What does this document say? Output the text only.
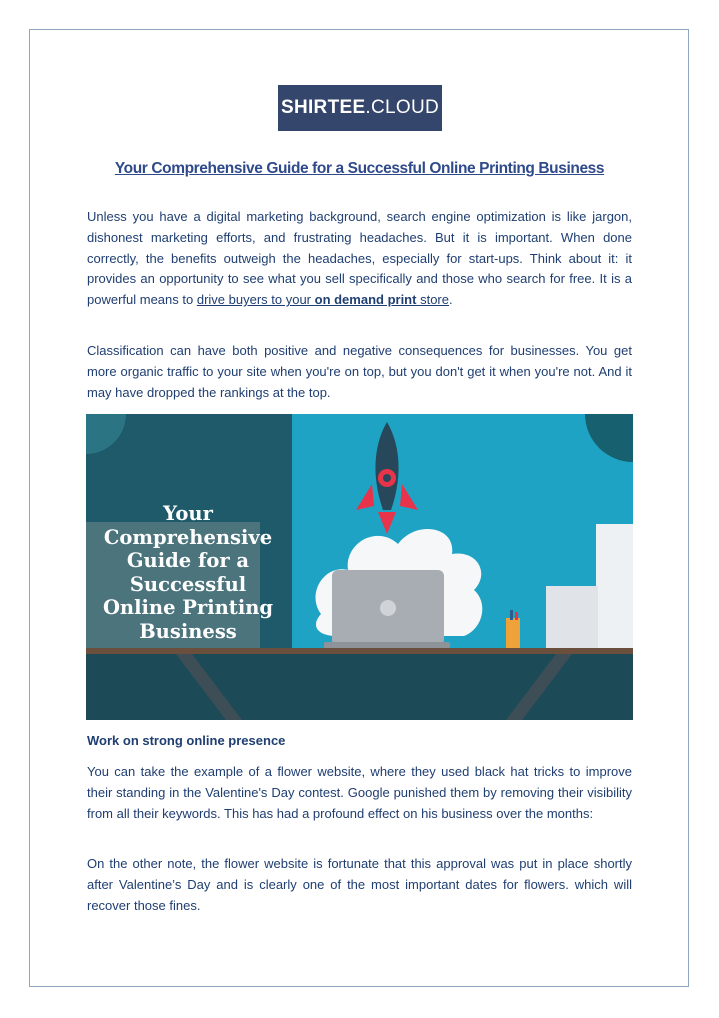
SHIRTEE . CLOUD
Your Comprehensive Guide for a Successful Online Printing Business

Unless you have a digital marketing background, search engine optimization is like jargon, dishonest marketing efforts, and frustrating headaches. But it is important. When done correctly, the benefits outweigh the headaches, especially for start-ups. Think about it: it provides an opportunity to see what you sell specifically and those who search for free. It is a powerful means to drive buyers to your on demand print store.

Classification can have both positive and negative consequences for businesses. You get more organic traffic to your site when you're on top, but you don't get it when you're not. And it may have dropped the rankings at the top.

Your
Comprehensive
Guide for a
Successful
Online Printing
Business
Work on strong online presence

You can take the example of a flower website, where they used black hat tricks to improve their standing in the Valentine's Day contest. Google punished them by removing their visibility from all their keywords. This has had a profound effect on his business over the months:

On the other note, the flower website is fortunate that this approval was put in place shortly after Valentine’s Day and is clearly one of the most important dates for flowers. which will recover those fines.
